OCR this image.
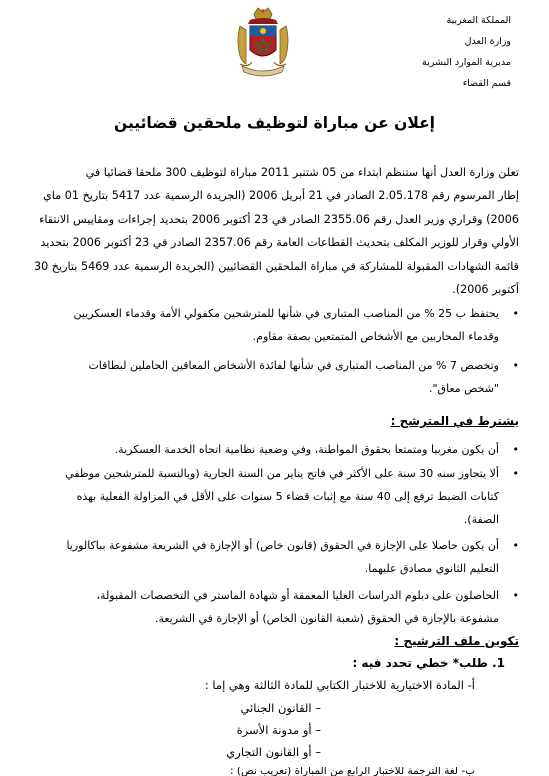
المملكة المغربية
وزارة العدل
مديرية الموارد البشرية
قسم القضاء
إعلان عن مباراة لتوظيف ملحقين قضائيين
تعلن وزارة العدل أنها ستنظم ابتداء من 05 شتنبر 2011 مباراة لتوظيف 300 ملحقا قضائيا في
إطار المرسوم رقم 2.05.178 الصادر في 21 أبريل 2006 (الجريدة الرسمية عدد 5417 بتاريخ 01 ماي
2006) وقراري وزير العدل رقم 2355.06 الصادر في 23 أكتوبر 2006 بتحديد إجراءات ومقاييس الانتقاء
الأولي وقرار للوزير المكلف بتحديث القطاعات العامة رقم 2357.06 الصادر في 23 أكتوبر 2006 بتحديد
قائمة الشهادات المقبولة للمشاركة في مباراة الملحقين القضائيين (الجريدة الرسمية عدد 5469 بتاريخ 30
أكتوبر 2006).
•
يحتفظ ب 25 % من المناصب المتبارى في شأنها للمترشحين مكفولي الأمة وقدماء العسكريين
وقدماء المحاربين مع الأشخاص المتمتعين بصفة مقاوم.
•
وتخصص 7 % من المناصب المتبارى في شأنها لفائدة الأشخاص المعاقين الحاملين لبطاقات
"شخص معاق".
يشترط في المترشح :
•
أن يكون مغربيا ومتمتعا بحقوق المواطنة، وفي وضعية نظامية اتجاه الخدمة العسكرية.
•
ألا يتجاوز سنه 30 سنة على الأكثر في فاتح يناير من السنة الجارية (وبالنسبة للمترشحين موظفي
كتابات الضبط ترفع إلى 40 سنة مع إثبات قضاء 5 سنوات على الأقل في المزاولة الفعلية بهذه
الصفة).
•
أن يكون حاصلا على الإجازة في الحقوق (قانون خاص) أو الإجازة في الشريعة مشفوعة بباكالوريا
التعليم الثانوي مصادق عليهما.
•
الحاصلون على دبلوم الدراسات العليا المعمقة أو شهادة الماستر في التخصصات المقبولة،
مشفوعة بالإجازة في الحقوق (شعبة القانون الخاص) أو الإجازة في الشريعة.
تكوين ملف الترشيح :
1. طلب* خطي تحدد فيه :
أ- المادة الاختيارية للاختبار الكتابي للمادة الثالثة وهي إما :
– القانون الجنائي
– أو مدونة الأسرة
– أو القانون التجاري
ب- لغة الترجمة للاختبار الرابع من المباراة (تعريب نص) :
